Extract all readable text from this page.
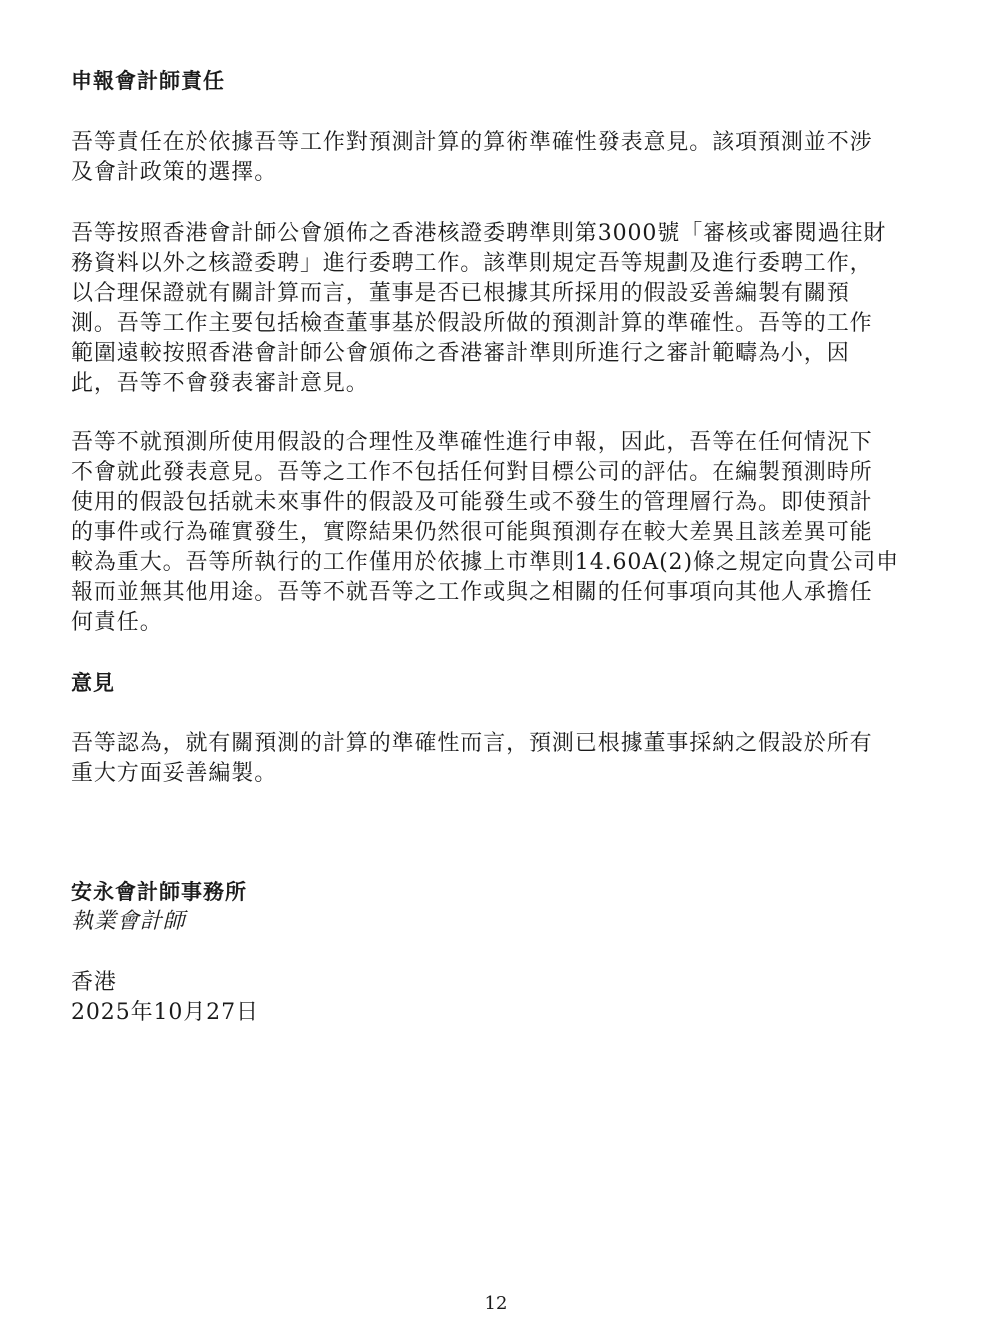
申報會計師責任
吾等責任在於依據吾等工作對預測計算的算術準確性發表意見。該項預測並不涉
及會計政策的選擇。
吾等按照香港會計師公會頒佈之香港核證委聘準則第3000號「審核或審閱過往財
務資料以外之核證委聘」進行委聘工作。該準則規定吾等規劃及進行委聘工作，
以合理保證就有關計算而言，董事是否已根據其所採用的假設妥善編製有關預
測。吾等工作主要包括檢查董事基於假設所做的預測計算的準確性。吾等的工作
範圍遠較按照香港會計師公會頒佈之香港審計準則所進行之審計範疇為小，因
此，吾等不會發表審計意見。
吾等不就預測所使用假設的合理性及準確性進行申報，因此，吾等在任何情況下
不會就此發表意見。吾等之工作不包括任何對目標公司的評估。在編製預測時所
使用的假設包括就未來事件的假設及可能發生或不發生的管理層行為。即使預計
的事件或行為確實發生，實際結果仍然很可能與預測存在較大差異且該差異可能
較為重大。吾等所執行的工作僅用於依據上市準則14.60A(2)條之規定向貴公司申
報而並無其他用途。吾等不就吾等之工作或與之相關的任何事項向其他人承擔任
何責任。
意見
吾等認為，就有關預測的計算的準確性而言，預測已根據董事採納之假設於所有
重大方面妥善編製。
安永會計師事務所
執業會計師
香港
2025年10月27日
12
